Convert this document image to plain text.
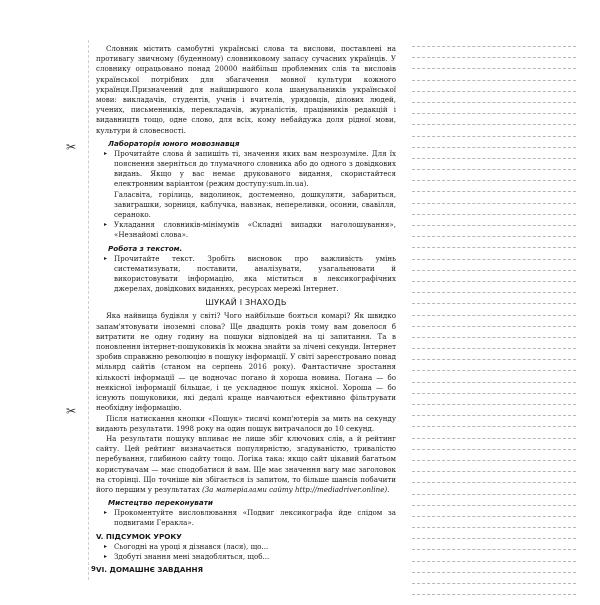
✂
✂

Словник містить самобутні українські слова та вислови, поставлені на противагу звичному (буденному) словниковому запасу сучасних українців. У словнику опрацьовано понад 20000 найбільш проблемних слів та висловів української потрібних для збагачення мовної культури кожного українця.Призначений для найширшого кола шанувальників української мови: викладачів, студентів, учнів і вчителів, урядовців, ділових людей, учених, письменників, перекладачів, журналістів, працівників редакцій і видавництв тощо, одне слово, для всіх, кому небайдужа доля рідної мови, культури й словесності.

Лабораторія юного мовознавця

▸ Прочитайте слова й запишіть ті, значення яких вам незрозуміле. Для їх пояснення зверніться до тлумачного словника або до одного з довідкових видань. Якщо у вас немає друкованого видання, скористайтеся електронним варіантом (режим доступу:sum.in.ua).

Галасвіта, горілиць, видолинок, достеменно, дошкуляти, забариться, завиграшки, зорниця, каблучка, навзнак, непереливки, осонни, свавілля, сераноко.

▸ Укладання словників-мінімумів «Складні випадки наголошування», «Незнайомі слова».

Робота з текстом.

▸ Прочитайте текст. Зробіть висновок про важливість умінь систематизувати, поставити, аналізувати, узагальнювати й використовувати інформацію, яка міститься в лексикографічних джерелах, довідкових виданнях, ресурсах мережі Інтернет.

ШУКАЙ І ЗНАХОДЬ

Яка найвища будівля у світі? Чого найбільше бояться комарі? Як швидко запам'ятовувати іноземні слова? Ще двадцять років тому вам довелося б витратити не одну годину на пошуки відповідей на ці запитання. Та в поновлення інтернет-пошуковиків їх можна знайти за лічені секунди. Інтернет зробив справжню революцію в пошуку інформації. У світі зареєстровано понад мільярд сайтів (станом на серпень 2016 року). Фантастичне зростання кількості інформації — це водночас погано й хороша новина. Погана — бо неякісної інформації більшає, і це ускладнює пошук якісної. Хороша — бо існують пошуковики, які дедалі краще навчаються ефективно фільтрувати необхідну інформацію.

Після натискання кнопки «Пошук» тисячі комп'ютерів за мить на секунду видають результати. 1998 року на один пошук витрачалося до 10 секунд.

На результати пошуку впливає не лише збіг ключових слів, а й рейтинг сайту. Цей рейтинг визначається популярністю, згадуваністю, тривалістю перебування, глибиною сайту тощо. Логіка така: якщо сайт цікавий багатьом користувачам — має сподобатися й вам. Ще має значення вагу має заголовок на сторінці. Що точніше він збігається із запитом, то більше шансів побачити його першим у результатах (За матеріалами сайту http://mediadriver.online).

Мистецтво переконувати

▸ Прокоментуйте висловлювання «Подвиг лексикографа йде слідом за подвигами Геракла».

V. ПІДСУМОК УРОКУ

▸ Сьогодні на уроці я дізнався (лася), що...

▸ Здобуті знання мені знадобляться, щоб...

VI. ДОМАШНЄ ЗАВДАННЯ

9
